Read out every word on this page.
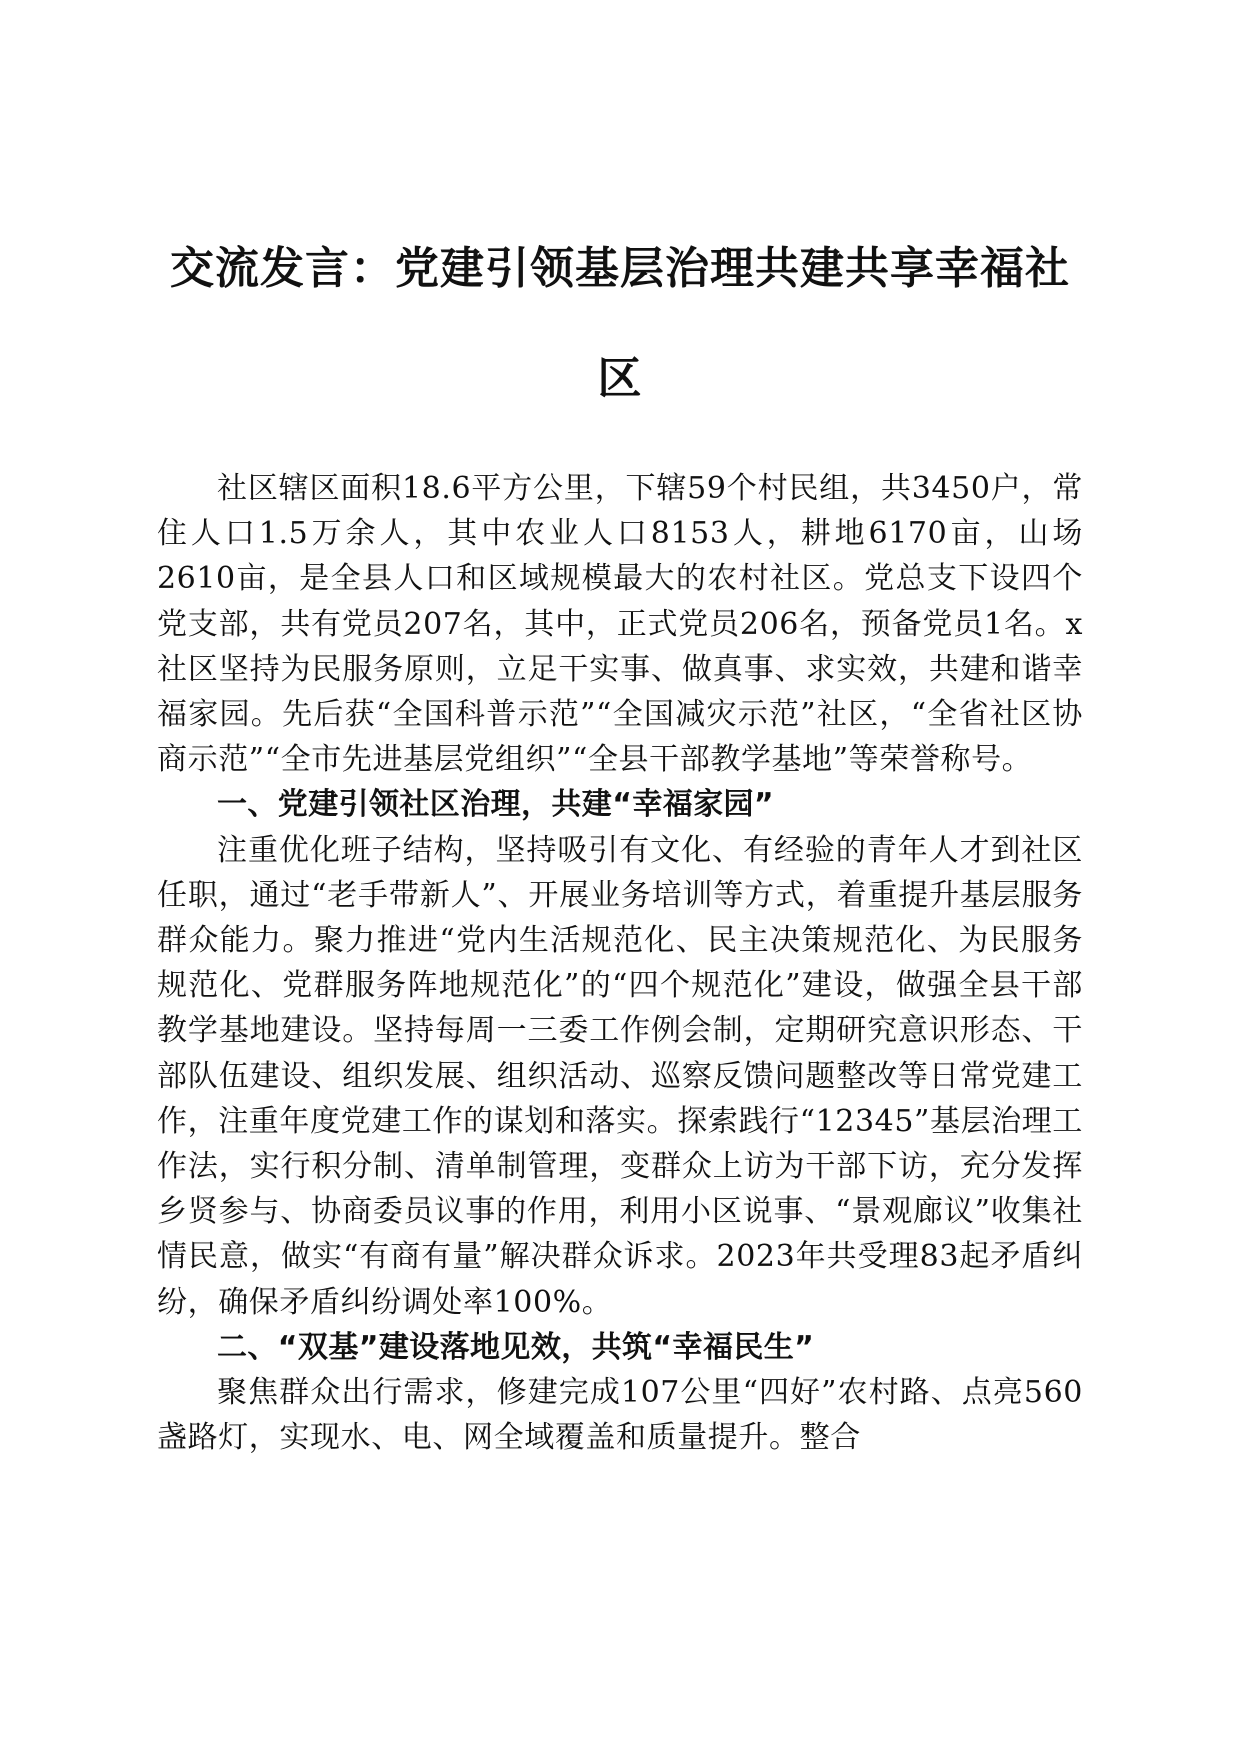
交流发言：党建引领基层治理共建共享幸福社区

社区辖区面积18.6平方公里，下辖59个村民组，共3450户，常住人口1.5万余人，其中农业人口8153人，耕地6170亩，山场2610亩，是全县人口和区域规模最大的农村社区。党总支下设四个党支部，共有党员207名，其中，正式党员206名，预备党员1名。x社区坚持为民服务原则，立足干实事、做真事、求实效，共建和谐幸福家园。先后获“全国科普示范”“全国减灾示范”社区，“全省社区协商示范”“全市先进基层党组织”“全县干部教学基地”等荣誉称号。

一、党建引领社区治理，共建“幸福家园”

注重优化班子结构，坚持吸引有文化、有经验的青年人才到社区任职，通过“老手带新人”、开展业务培训等方式，着重提升基层服务群众能力。聚力推进“党内生活规范化、民主决策规范化、为民服务规范化、党群服务阵地规范化”的“四个规范化”建设，做强全县干部教学基地建设。坚持每周一三委工作例会制，定期研究意识形态、干部队伍建设、组织发展、组织活动、巡察反馈问题整改等日常党建工作，注重年度党建工作的谋划和落实。探索践行“12345”基层治理工作法，实行积分制、清单制管理，变群众上访为干部下访，充分发挥乡贤参与、协商委员议事的作用，利用小区说事、“景观廊议”收集社情民意，做实“有商有量”解决群众诉求。2023年共受理83起矛盾纠纷，确保矛盾纠纷调处率100%。

二、“双基”建设落地见效，共筑“幸福民生”

聚焦群众出行需求，修建完成107公里“四好”农村路、点亮560盏路灯，实现水、电、网全域覆盖和质量提升。整合
